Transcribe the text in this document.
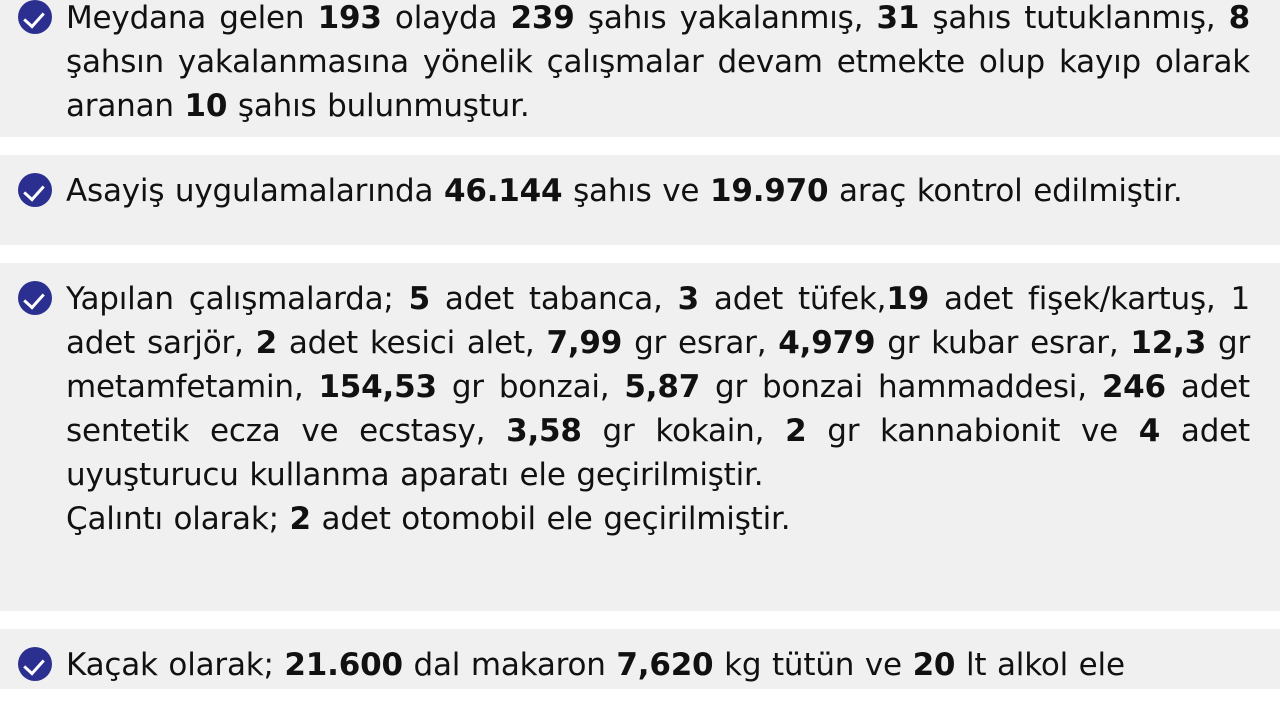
Meydana gelen 193 olayda 239 şahıs yakalanmış, 31 şahıs tutuklanmış, 8 şahsın yakalanmasına yönelik çalışmalar devam etmekte olup kayıp olarak aranan 10 şahıs bulunmuştur.

Asayiş uygulamalarında 46.144 şahıs ve 19.970 araç kontrol edilmiştir.

Yapılan çalışmalarda; 5 adet tabanca, 3 adet tüfek,19 adet fişek/kartuş, 1 adet sarjör, 2 adet kesici alet, 7,99 gr esrar, 4,979 gr kubar esrar, 12,3 gr metamfetamin, 154,53 gr bonzai, 5,87 gr bonzai hammaddesi, 246 adet sentetik ecza ve ecstasy, 3,58 gr kokain, 2 gr kannabionit ve 4 adet uyuşturucu kullanma aparatı ele geçirilmiştir.

Çalıntı olarak; 2 adet otomobil ele geçirilmiştir.

Kaçak olarak; 21.600 dal makaron 7,620 kg tütün ve 20 lt alkol ele
